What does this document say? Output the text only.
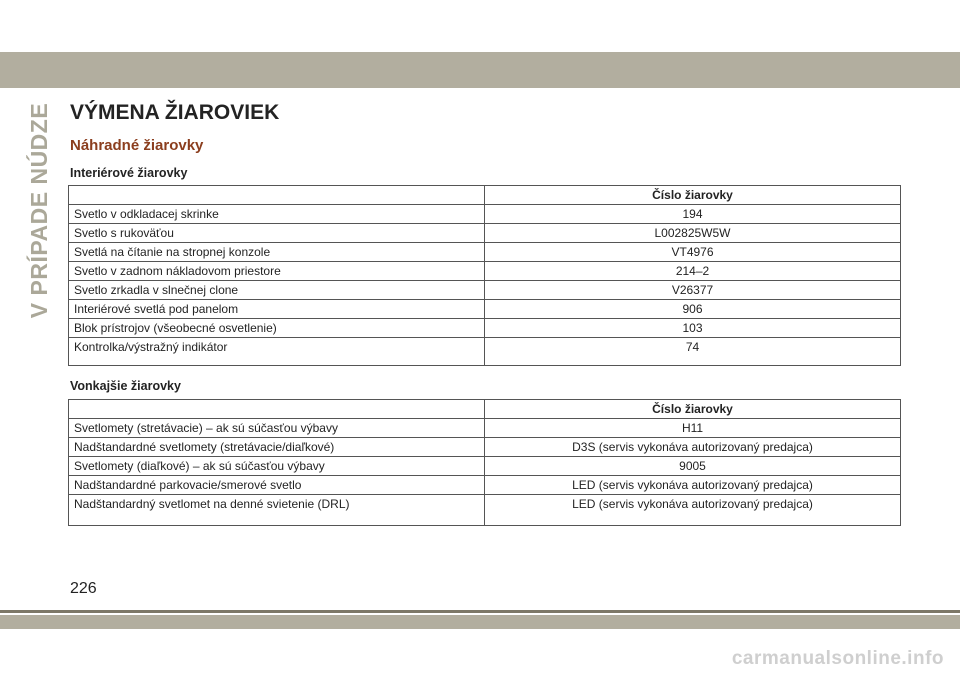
V PRÍPADE NÚDZE VÝMENA ŽIAROVIEK
Náhradné žiarovky
Interiérové žiarovky
	Číslo žiarovky
Svetlo v odkladacej skrinke	194
Svetlo s rukoväťou	L002825W5W
Svetlá na čítanie na stropnej konzole	VT4976
Svetlo v zadnom nákladovom priestore	214–2
Svetlo zrkadla v slnečnej clone	V26377
Interiérové svetlá pod panelom	906
Blok prístrojov (všeobecné osvetlenie)	103
Kontrolka/výstražný indikátor	74
Vonkajšie žiarovky
	Číslo žiarovky
Svetlomety (stretávacie) – ak sú súčasťou výbavy	H11
Nadštandardné svetlomety (stretávacie/diaľkové)	D3S (servis vykonáva autorizovaný predajca)
Svetlomety (diaľkové) – ak sú súčasťou výbavy	9005
Nadštandardné parkovacie/smerové svetlo	LED (servis vykonáva autorizovaný predajca)
Nadštandardný svetlomet na denné svietenie (DRL)	LED (servis vykonáva autorizovaný predajca)

226

carmanualsonline.info
